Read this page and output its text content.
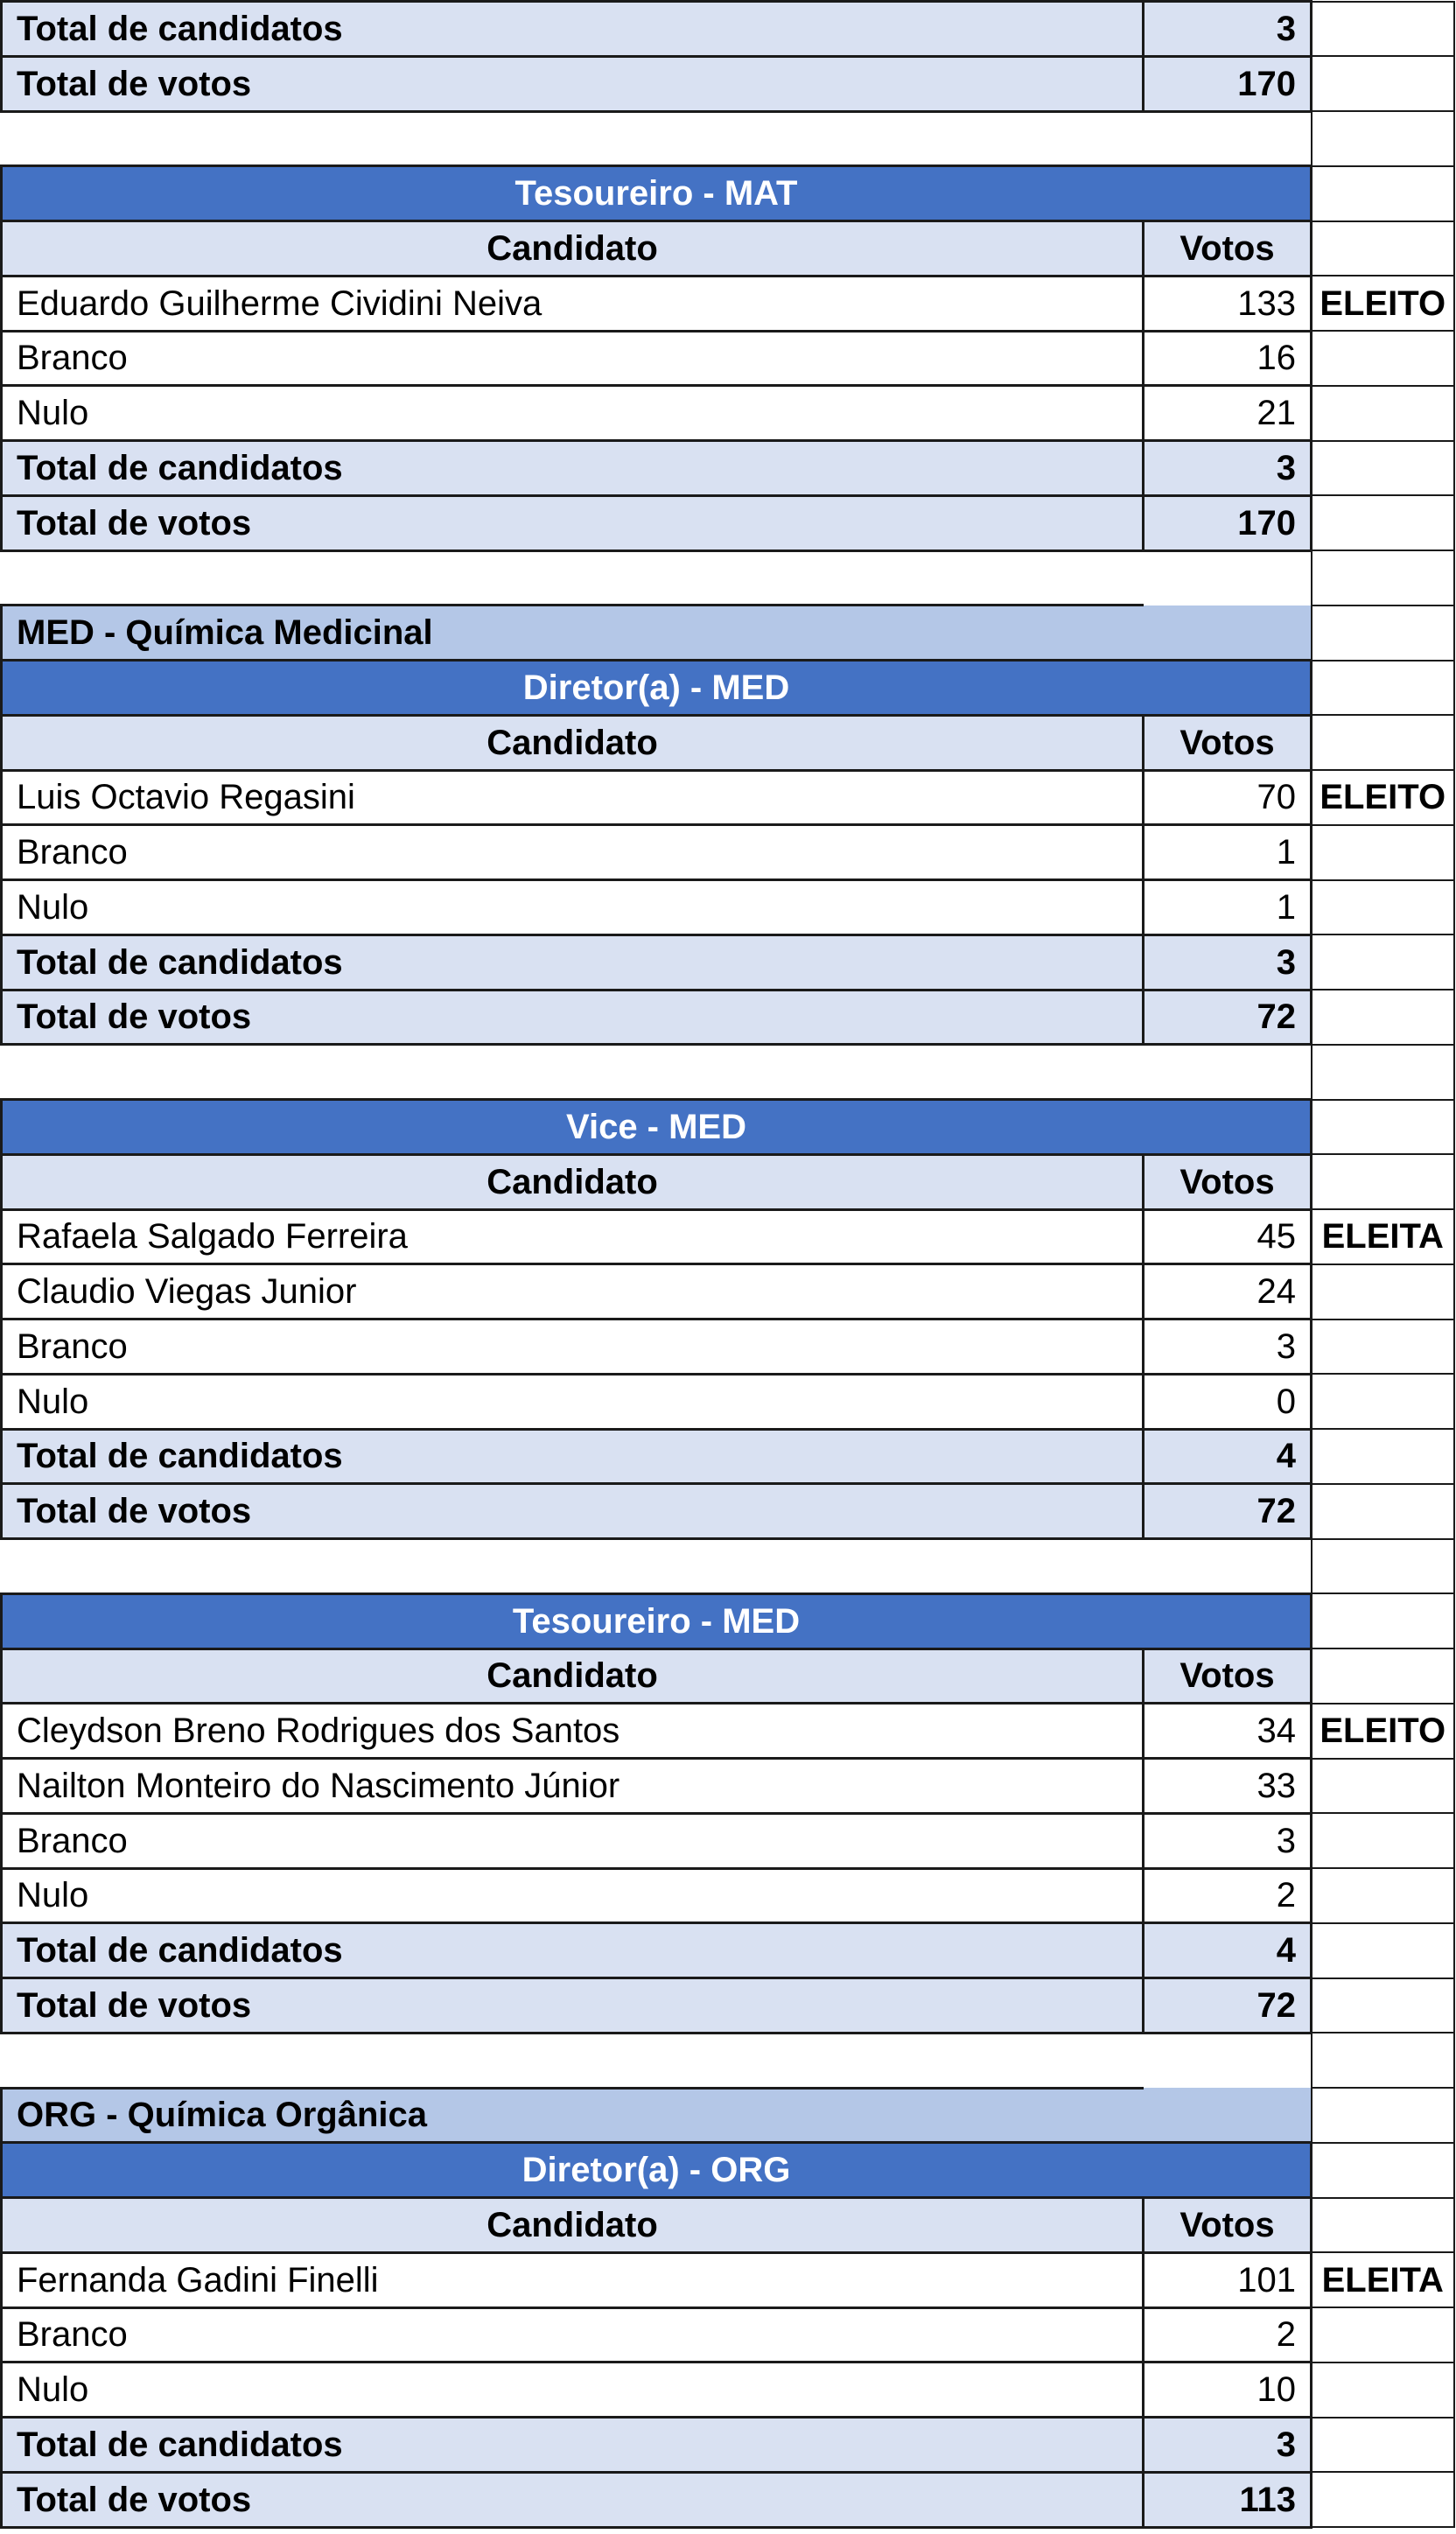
Total de candidatos	3	
Total de votos	170	

Tesoureiro - MAT		
Candidato	Votos	
Eduardo Guilherme Cividini Neiva	133	ELEITO
Branco	16	
Nulo	21	
Total de candidatos	3	
Total de votos	170	

MED - Química Medicinal		
Diretor(a) - MED		
Candidato	Votos	
Luis Octavio Regasini	70	ELEITO
Branco	1	
Nulo	1	
Total de candidatos	3	
Total de votos	72	

Vice - MED		
Candidato	Votos	
Rafaela Salgado Ferreira	45	ELEITA
Claudio Viegas Junior	24	
Branco	3	
Nulo	0	
Total de candidatos	4	
Total de votos	72	

Tesoureiro - MED		
Candidato	Votos	
Cleydson Breno Rodrigues dos Santos	34	ELEITO
Nailton Monteiro do Nascimento Júnior	33	
Branco	3	
Nulo	2	
Total de candidatos	4	
Total de votos	72	

ORG - Química Orgânica		
Diretor(a) - ORG		
Candidato	Votos	
Fernanda Gadini Finelli	101	ELEITA
Branco	2	
Nulo	10	
Total de candidatos	3	
Total de votos	113	
